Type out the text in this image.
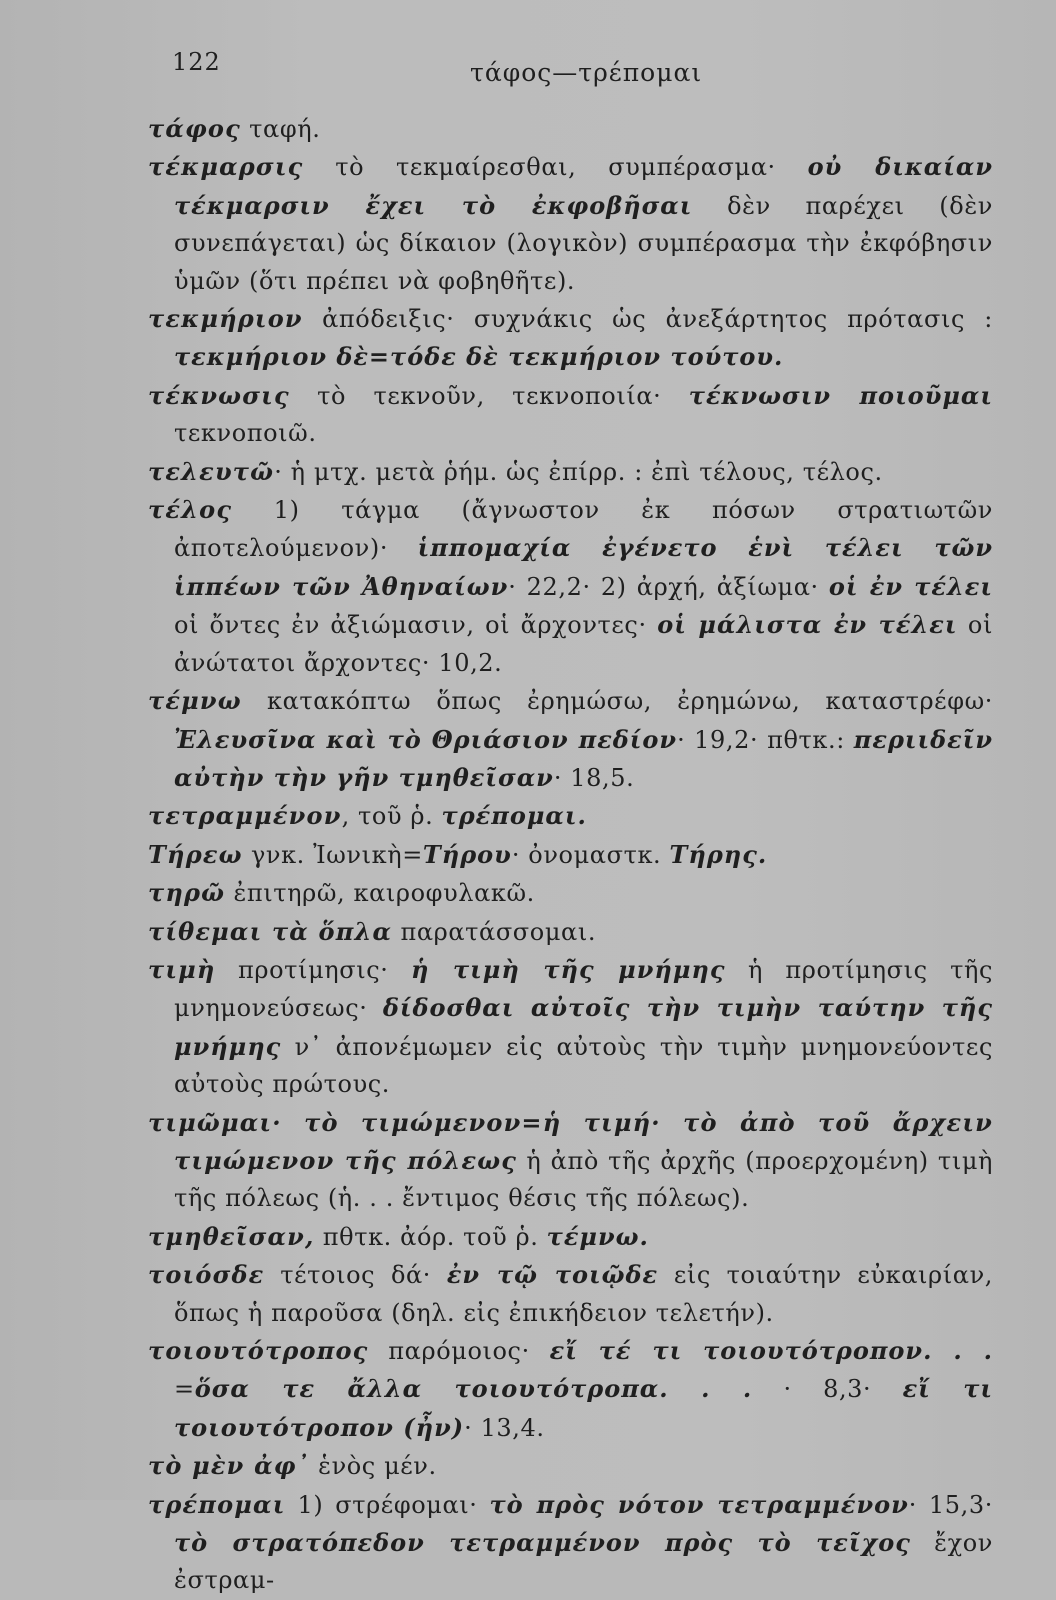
122	τάφος—τρέπομαι

τάφος ταφή.

τέκμαρσις τὸ τεκμαίρεσθαι, συμπέρασμα· οὐ δικαίαν τέκμαρσιν ἔχει τὸ ἐκφοβῆσαι δὲν παρέχει (δὲν συνεπάγεται) ὡς δίκαιον (λογικὸν) συμπέρασμα τὴν ἐκφόβησιν ὑμῶν (ὅτι πρέπει νὰ φοβηθῆτε).

τεκμήριον ἀπόδειξις· συχνάκις ὡς ἀνεξάρτητος πρότασις : τεκμήριον δὲ=τόδε δὲ τεκμήριον τούτου.

τέκνωσις τὸ τεκνοῦν, τεκνοποιία· τέκνωσιν ποιοῦμαι τεκνοποιῶ.

τελευτῶ· ἡ μτχ. μετὰ ῥήμ. ὡς ἐπίρρ. : ἐπὶ τέλους, τέλος.

τέλος 1) τάγμα (ἄγνωστον ἐκ πόσων στρατιωτῶν ἀποτελούμενον)· ἱππομαχία ἐγένετο ἑνὶ τέλει τῶν ἱππέων τῶν Ἀθηναίων· 22,2· 2) ἀρχή, ἀξίωμα· οἱ ἐν τέλει οἱ ὄντες ἐν ἀξιώμασιν, οἱ ἄρχοντες· οἱ μάλιστα ἐν τέλει οἱ ἀνώτατοι ἄρχοντες· 10,2.

τέμνω κατακόπτω ὅπως ἐρημώσω, ἐρημώνω, καταστρέφω· Ἐλευσῖνα καὶ τὸ Θριάσιον πεδίον· 19,2· πθτκ.: περιιδεῖν αὐτὴν τὴν γῆν τμηθεῖσαν· 18,5.

τετραμμένον, τοῦ ῥ. τρέπομαι.

Τήρεω γνκ. Ἰωνικὴ=Τήρου· ὀνομαστκ. Τήρης.

τηρῶ ἐπιτηρῶ, καιροφυλακῶ.

τίθεμαι τὰ ὅπλα παρατάσσομαι.

τιμὴ προτίμησις· ἡ τιμὴ τῆς μνήμης ἡ προτίμησις τῆς μνημονεύσεως· δίδοσθαι αὐτοῖς τὴν τιμὴν ταύτην τῆς μνήμης ν᾽ ἀπονέμωμεν εἰς αὐτοὺς τὴν τιμὴν μνημονεύοντες αὐτοὺς πρώτους.

τιμῶμαι· τὸ τιμώμενον=ἡ τιμή· τὸ ἀπὸ τοῦ ἄρχειν τιμώμενον τῆς πόλεως ἡ ἀπὸ τῆς ἀρχῆς (προερχομένη) τιμὴ τῆς πόλεως (ἡ. . . ἔντιμος θέσις τῆς πόλεως).

τμηθεῖσαν, πθτκ. ἀόρ. τοῦ ῥ. τέμνω.

τοιόσδε τέτοιος δά· ἐν τῷ τοιῷδε εἰς τοιαύτην εὐκαιρίαν, ὅπως ἡ παροῦσα (δηλ. εἰς ἐπικήδειον τελετήν).

τοιουτότροπος παρόμοιος· εἴ τέ τι τοιουτότροπον. . . =ὅσα τε ἄλλα τοιουτότροπα. . . · 8,3· εἴ τι τοιουτότροπον (ἦν)· 13,4.

τὸ μὲν ἀφ᾽ ἑνὸς μέν.

τρέπομαι 1) στρέφομαι· τὸ πρὸς νότον τετραμμένον· 15,3· τὸ στρατόπεδον τετραμμένον πρὸς τὸ τεῖχος ἔχον ἐστραμ-
